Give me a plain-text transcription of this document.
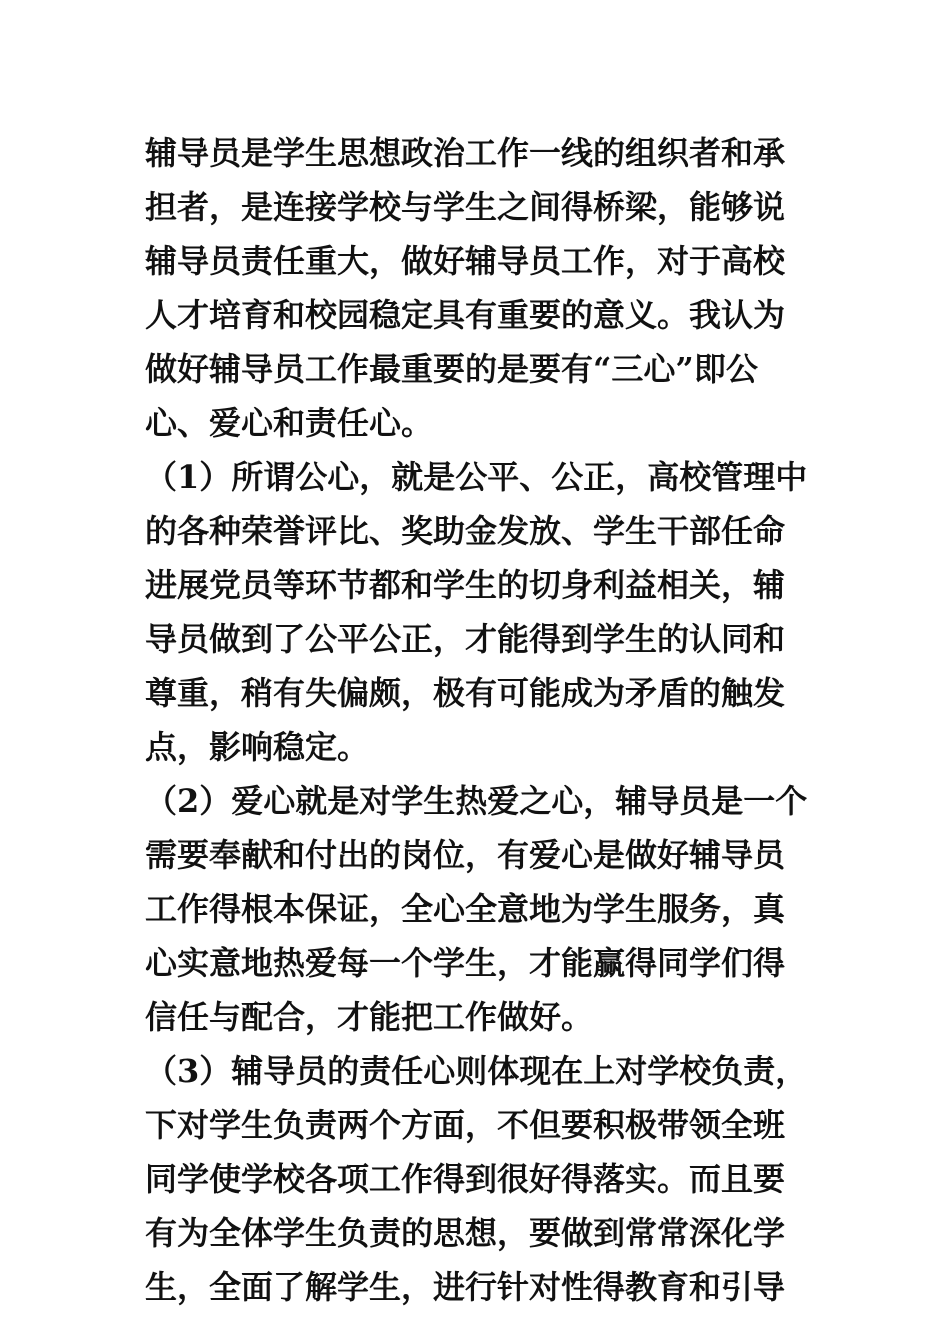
辅导员是学生思想政治工作一线的组织者和承
担者，是连接学校与学生之间得桥梁，能够说
辅导员责任重大，做好辅导员工作，对于高校
人才培育和校园稳定具有重要的意义。我认为
做好辅导员工作最重要的是要有“三心”即公
心、爱心和责任心。
（1）所谓公心，就是公平、公正，高校管理中
的各种荣誉评比、奖助金发放、学生干部任命
进展党员等环节都和学生的切身利益相关，辅
导员做到了公平公正，才能得到学生的认同和
尊重，稍有失偏颇，极有可能成为矛盾的触发
点，影响稳定。
（2）爱心就是对学生热爱之心，辅导员是一个
需要奉献和付出的岗位，有爱心是做好辅导员
工作得根本保证，全心全意地为学生服务，真
心实意地热爱每一个学生，才能赢得同学们得
信任与配合，才能把工作做好。
（3）辅导员的责任心则体现在上对学校负责，
下对学生负责两个方面，不但要积极带领全班
同学使学校各项工作得到很好得落实。而且要
有为全体学生负责的思想，要做到常常深化学
生，全面了解学生，进行针对性得教育和引导
